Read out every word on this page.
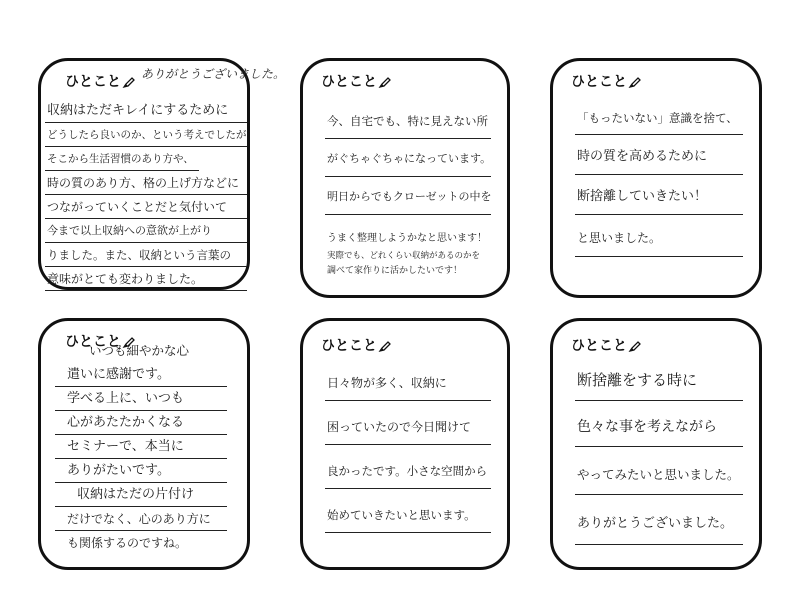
ひとこと	ありがとうございました。
収納はただキレイにするために
どうしたら良いのか、という考えでしたが
そこから生活習慣のあり方や、
時の質のあり方、格の上げ方などに
つながっていくことだと気付いて
今まで以上収納への意欲が上がり
りました。また、収納という言葉の
意味がとても変わりました。
ひとこと
今、自宅でも、特に見えない所
がぐちゃぐちゃになっています。
明日からでもクローゼットの中を
うまく整理しようかなと思います！
実際でも、どれくらい収納があるのかを
調べて家作りに活かしたいです！
ひとこと
「もったいない」意識を捨て、
時の質を高めるために
断捨離していきたい！
と思いました。
ひとこと
いつも細やかな心
遣いに感謝です。
学べる上に、いつも
心があたたかくなる
セミナーで、本当に
ありがたいです。
収納はただの片付け
だけでなく、心のあり方に
も関係するのですね。
ひとこと
日々物が多く、収納に
困っていたので今日聞けて
良かったです。小さな空間から
始めていきたいと思います。
ひとこと
断捨離をする時に
色々な事を考えながら
やってみたいと思いました。
ありがとうございました。
